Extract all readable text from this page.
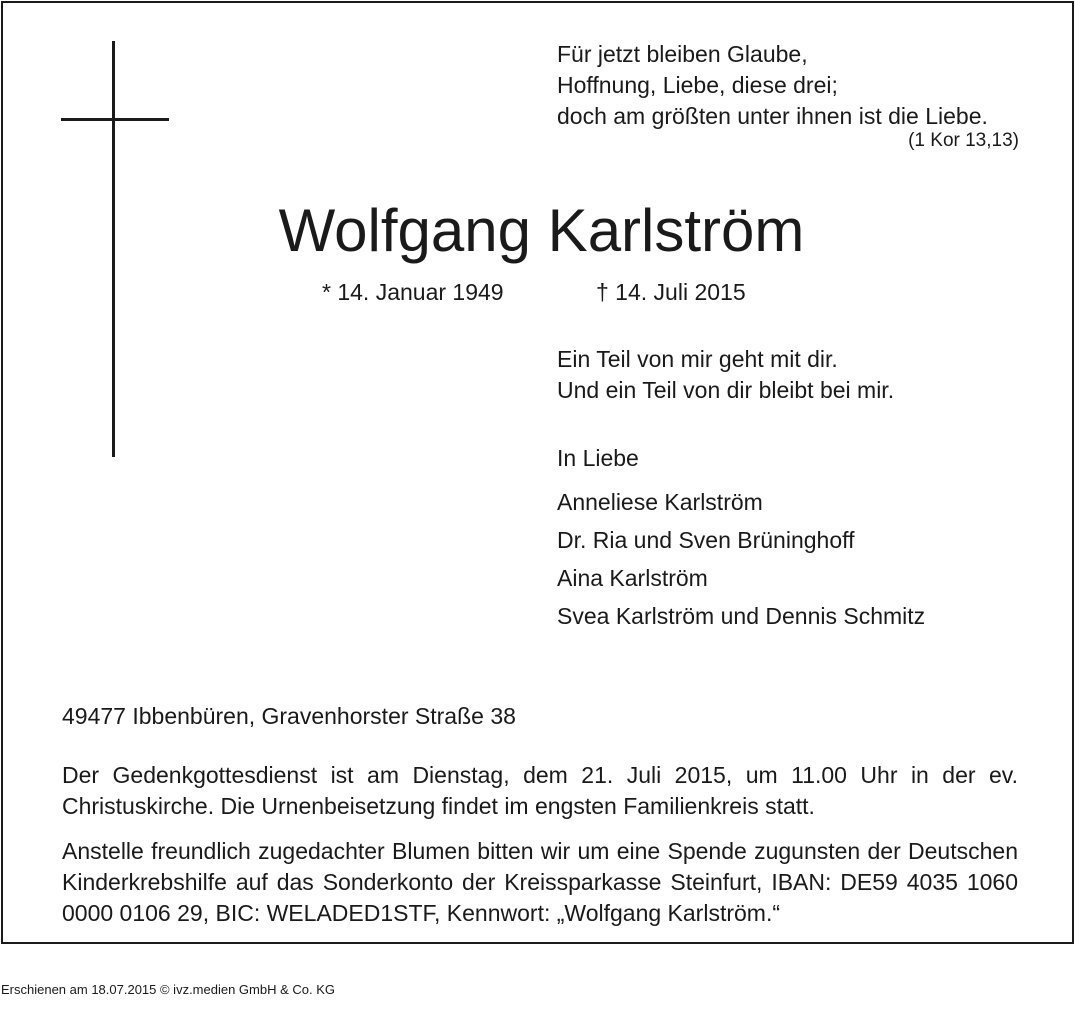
Für jetzt bleiben Glaube,
Hoffnung, Liebe, diese drei;
doch am größten unter ihnen ist die Liebe.
(1 Kor 13,13)
Wolfgang Karlström
* 14. Januar 1949	† 14. Juli 2015
Ein Teil von mir geht mit dir.
Und ein Teil von dir bleibt bei mir.
In Liebe
Anneliese Karlström
Dr. Ria und Sven Brüninghoff
Aina Karlström
Svea Karlström und Dennis Schmitz
49477 Ibbenbüren, Gravenhorster Straße 38
Der Gedenkgottesdienst ist am Dienstag, dem 21. Juli 2015, um 11.00 Uhr in der ev. Christuskirche. Die Urnenbeisetzung findet im engsten Familienkreis statt.
Anstelle freundlich zugedachter Blumen bitten wir um eine Spende zugunsten der Deutschen Kinderkrebshilfe auf das Sonderkonto der Kreissparkasse Steinfurt, IBAN: DE59 4035 1060 0000 0106 29, BIC: WELADED1STF, Kennwort: „Wolfgang Karlström.“
Erschienen am 18.07.2015 © ivz.medien GmbH & Co. KG
